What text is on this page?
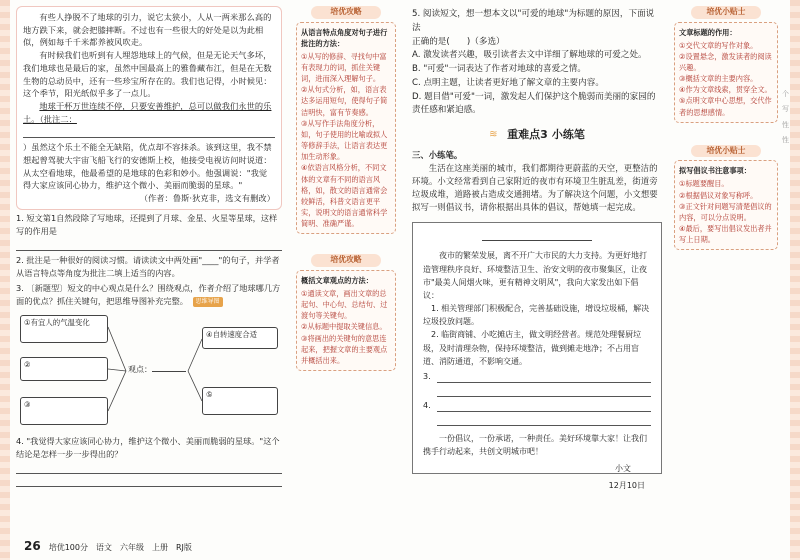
有些人挣脱不了地球的引力，说它太狭小，人从一两米那么高的地方跌下来，就会把膝摔断。不过也有一些很大的好处是以为此相似，例如每千千米都养被风吹走。

有时候我们也听到有人埋怨地球上的气候，但是无论天气多坏，我们地球也是最后的家，虽然中国最高上的雅鲁藏布江，但是在无数生物的总动员中，还有一些珍宝所存在的。我们也记得，小时候见：这个季节，阳光纸似乎多了一点儿。

地球干杯万世连续不停，只要安善维护，总可以做我们永世的乐土。（批注二：

）虽然这个乐土不能全无缺陷，优点却不容抹杀。该到这里，我不禁想起曾驾驶大宇宙飞船飞行的安德斯上校，他接受电视访问时说道：从太空看地球，他最希望的是地球的色彩和妙小。他强调说："我觉得大家应该同心协力，维护这个微小、美丽而脆弱的星球。"

（作者：鲁斯·狄克非，选文有删改）

1. 短文第1自然段除了写地球，还提到了月球、金星、火星等星球，这样写的作用是
2. 批注是一种很好的阅读习惯。请读读文中两处画"____"的句子，并学者从语言特点等角度为批注二填上适当的内容。
3. 〔新题型〕短文的中心观点是什么？围绕观点，作者介绍了地球哪几方面的优点？抓住关键句，把思维导图补充完整。 思维导图
①有宜人的气温变化
②
③
观点：
④自转速度合适
⑤
4. "我觉得大家应该同心协力，维护这个微小、美丽而脆弱的星球。"这个结论是怎样一步一步得出的？
培优攻略
从语言特点角度对句子进行批注的方法：
①从写的修辞、寻找句中富有表现力的词，抓住关键词，进而深入理解句子。
②从句式分析，如，语言表达多运用短句，使得句子简洁明快，富有节奏感。
③从写作手法角度分析，如，句子使用的比喻或拟人等修辞手法，让语言表达更加生动形象。
④依语言风格分析，不同文体的文章有不同的语言风格，如，散文的语言通常会较鲜活，科普文语言更平实，说明文的语言通常科学简明、准确严谨。
培优攻略
概括文章观点的方法：
①通读文章，画出文章的总起句、中心句、总结句、过渡句等关键句。
②从标题中提取关键信息。
③将画出的关键句的意思连起来，把握文章的主要观点并概括出来。
5. 阅读短文，想一想本文以"可爱的地球"为标题的原因，下面说法
正确的是(　　)（多选）
A. 激发读者兴趣，吸引读者去文中详细了解地球的可爱之处。
B. "可爱"一词表达了作者对地球的喜爱之情。
C. 点明主题，让读者更好地了解文章的主要内容。
D. 题目借"可爱"一词，激发起人们保护这个脆弱而美丽的家园的责任感和紧迫感。
≋ 重难点3 小练笔
三、小练笔。
生活在这座美丽的城市，我们都期待更蔚蓝的天空，更整洁的环境。小文经常看到自己家附近的夜市有环境卫生脏乱差，街道旁垃圾成堆，道路被占造成交通拥堵。为了解决这个问题，小文想要拟写一则倡议书，请你根据出具体的倡议，帮她填一起完成。
夜市的繁荣发展，离不开广大市民的大力支持。为更好地打造管理秩序良好、环境整洁卫生、治安文明的夜市聚集区，让夜市"最美人间烟火味，更有精神文明风"，我向大家发出如下倡议：
1. 相关管理部门积极配合，完善基础设施，增设垃圾桶，解决垃圾投放问题。
2. 临街商铺、小吃摊店主，做文明经营者。规范处理餐厨垃圾，及时清理杂物，保持环境整洁，做到摊走地净；不占用盲道、消防通道，不影响交通。
3.
4.
一份倡议，一份承诺，一种责任。美好环境靠大家！让我们携手行动起来，共创文明城市吧！
小文
12月10日
培优小贴士
文章标题的作用：
①交代文章的写作对象。
②设置悬念，激发读者的阅读兴趣。
③概括文章的主要内容。
④作为文章线索，贯穿全文。
⑤点明文章中心思想，交代作者的思想感情。
培优小贴士
拟写倡议书注意事项：
①标题要醒目。
②根据倡议对象写称呼。
③正文针对问题写清楚倡议的内容，可以分点说明。
④最后，要写出倡议发出者并写上日期。
个
写
性
性
26 培优100分 语文 六年级 上册 RJ版
